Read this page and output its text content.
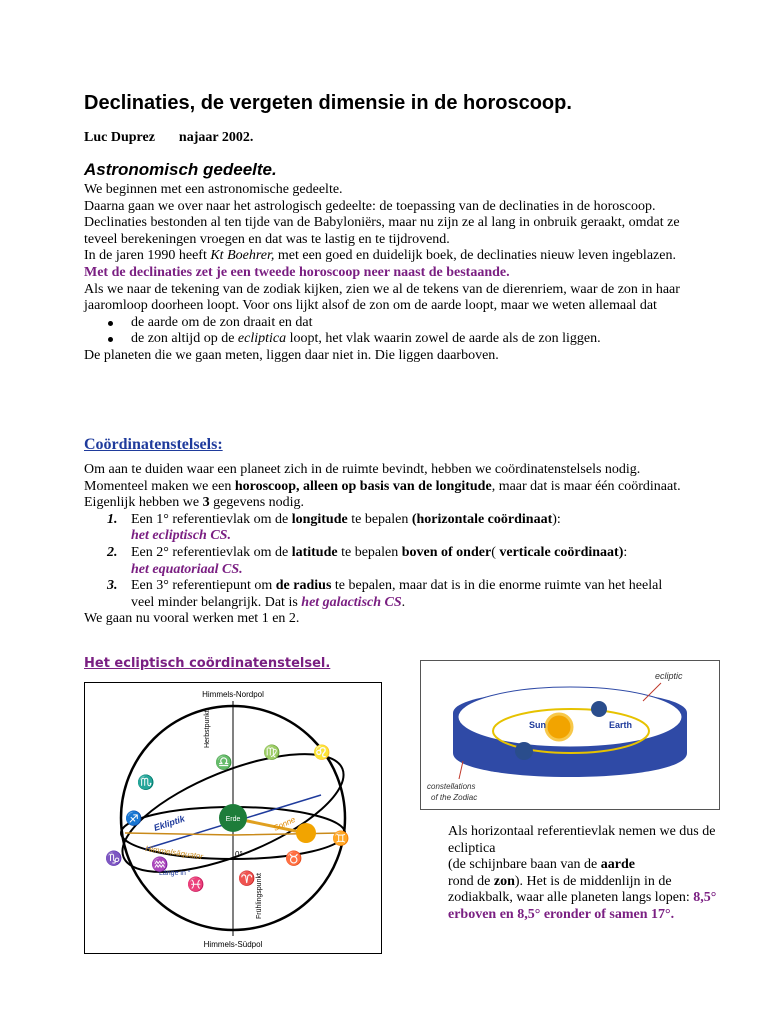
Declinaties, de vergeten dimensie in de horoscoop.
Luc Duprez najaar 2002.
Astronomisch gedeelte.

We beginnen met een astronomische gedeelte.

Daarna gaan we over naar het astrologisch gedeelte: de toepassing van de declinaties in de horoscoop.

Declinaties bestonden al ten tijde van de Babyloniërs, maar nu zijn ze al lang in onbruik geraakt, omdat ze teveel berekeningen vroegen en dat was te lastig en te tijdrovend.

In de jaren 1990 heeft Kt Boehrer, met een goed en duidelijk boek, de declinaties nieuw leven ingeblazen.

Met de declinaties zet je een tweede horoscoop neer naast de bestaande.

Als we naar de tekening van de zodiak kijken, zien we al de tekens van de dierenriem, waar de zon in haar jaaromloop doorheen loopt. Voor ons lijkt alsof de zon om de aarde loopt, maar we weten allemaal dat

de aarde om de zon draait en dat
de zon altijd op de ecliptica loopt, het vlak waarin zowel de aarde als de zon liggen.

De planeten die we gaan meten, liggen daar niet in. Die liggen daarboven.

Coördinatenstelsels:

Om aan te duiden waar een planeet zich in de ruimte bevindt, hebben we coördinatenstelsels nodig.

Momenteel maken we een horoscoop, alleen op basis van de longitude, maar dat is maar één coördinaat. Eigenlijk hebben we 3 gegevens nodig.

1. Een 1° referentievlak om de longitude te bepalen (horizontale coördinaat):
het ecliptisch CS.
2. Een 2° referentievlak om de latitude te bepalen boven of onder( verticale coördinaat):
het equatoriaal CS.
3. Een 3° referentiepunt om de radius te bepalen, maar dat is in die enorme ruimte van het heelal veel minder belangrijk. Dat is het galactisch CS.

We gaan nu vooral werken met 1 en 2.

Het ecliptisch coördinatenstelsel.
Himmels-Nordpol
Erde	Sonne
Ekliptik
Himmelsäquator	0°
Länge in °
Herbstpunkt
Frühlingspunkt
♏
♐
♑ ♒
♓ ♈
♉
♊
♌
♍
♎
Himmels-Südpol
Sun	Earth
ecliptic
constellations
of the Zodiac

Als horizontaal referentievlak nemen we dus de ecliptica

(de schijnbare baan van de aarde

rond de zon). Het is de middenlijn in de zodiakbalk, waar alle planeten langs lopen: 8,5° erboven en 8,5° eronder of samen 17°.
